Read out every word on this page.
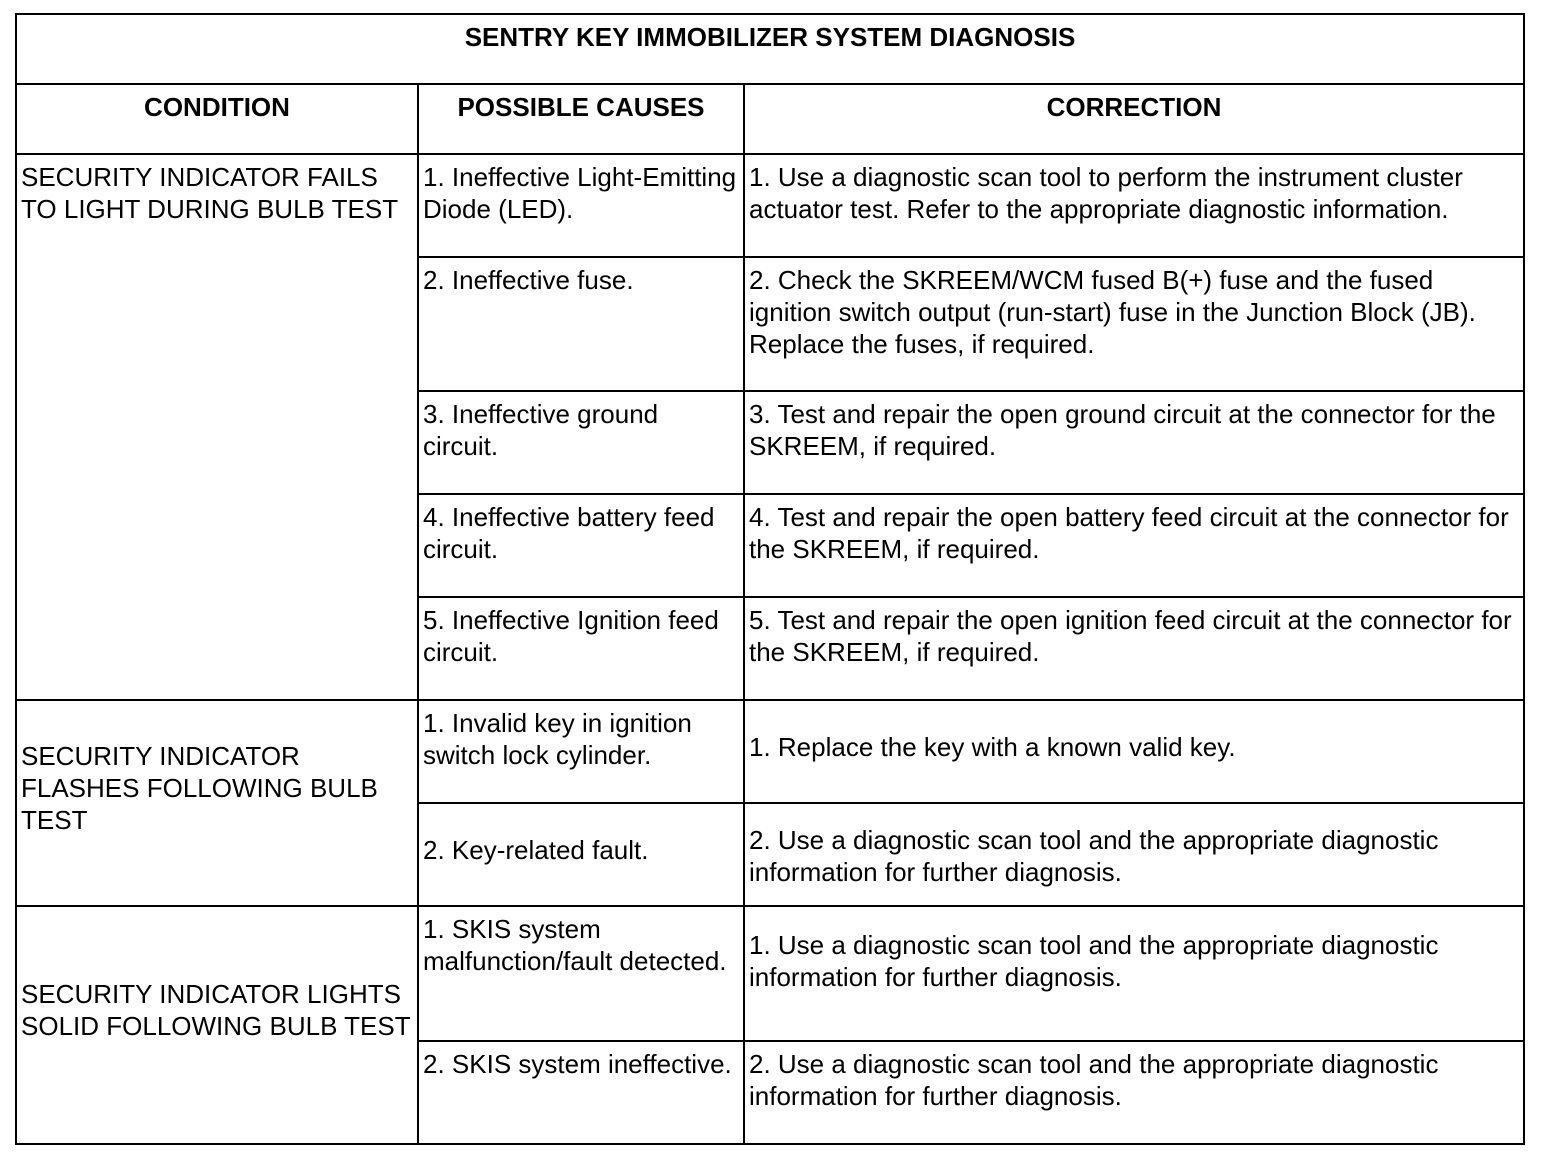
SENTRY KEY IMMOBILIZER SYSTEM DIAGNOSIS		

CONDITION	POSSIBLE CAUSES	CORRECTION

SECURITY INDICATOR FAILS TO LIGHT DURING BULB TEST	1. Ineffective Light-Emitting Diode (LED).	1. Use a diagnostic scan tool to perform the instrument cluster actuator test. Refer to the appropriate diagnostic information.

	2. Ineffective fuse.	2. Check the SKREEM/WCM fused B(+) fuse and the fused ignition switch output (run-start) fuse in the Junction Block (JB). Replace the fuses, if required.

	3. Ineffective ground circuit.	3. Test and repair the open ground circuit at the connector for the SKREEM, if required.

	4. Ineffective battery feed circuit.	4. Test and repair the open battery feed circuit at the connector for the SKREEM, if required.

	5. Ineffective Ignition feed circuit.	5. Test and repair the open ignition feed circuit at the connector for the SKREEM, if required.

SECURITY INDICATOR FLASHES FOLLOWING BULB TEST	1. Invalid key in ignition switch lock cylinder.	1. Replace the key with a known valid key.

	2. Key-related fault.	2. Use a diagnostic scan tool and the appropriate diagnostic information for further diagnosis.

SECURITY INDICATOR LIGHTS SOLID FOLLOWING BULB TEST	1. SKIS system malfunction/fault detected.	1. Use a diagnostic scan tool and the appropriate diagnostic information for further diagnosis.

	2. SKIS system ineffective.	2. Use a diagnostic scan tool and the appropriate diagnostic information for further diagnosis.
